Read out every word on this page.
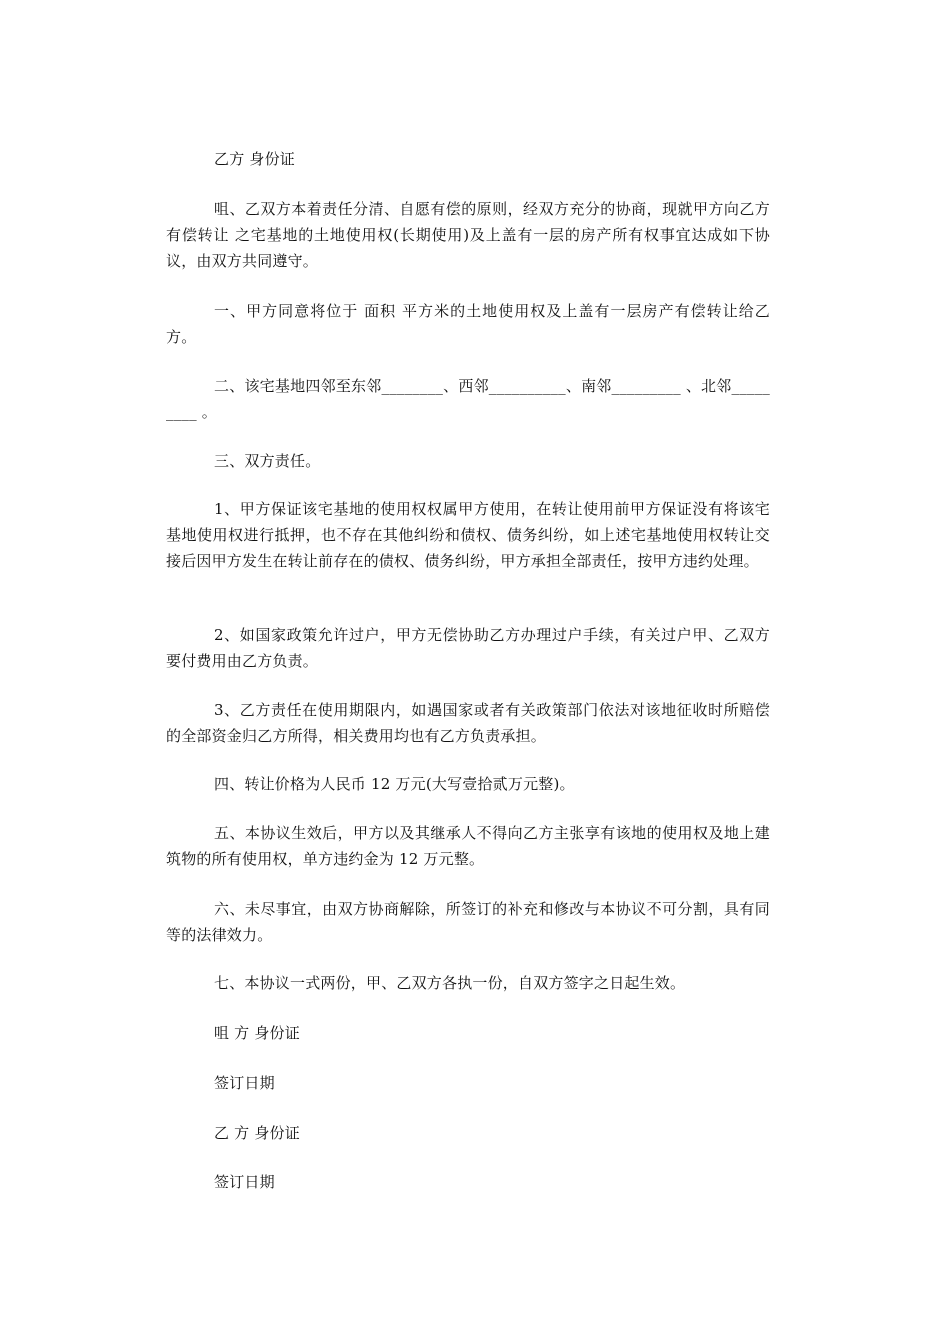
乙方 身份证

咀、乙双方本着责任分清、自愿有偿的原则，经双方充分的协商，现就甲方向乙方有偿转让 之宅基地的土地使用权(长期使用)及上盖有一层的房产所有权事宜达成如下协议，由双方共同遵守。

一、甲方同意将位于 面积 平方米的土地使用权及上盖有一层房产有偿转让给乙方。

二、该宅基地四邻至东邻________、西邻__________、南邻_________ 、北邻_________ 。

三、双方责任。

1、甲方保证该宅基地的使用权权属甲方使用，在转让使用前甲方保证没有将该宅基地使用权进行抵押，也不存在其他纠纷和债权、债务纠纷，如上述宅基地使用权转让交接后因甲方发生在转让前存在的债权、债务纠纷，甲方承担全部责任，按甲方违约处理。

2、如国家政策允许过户，甲方无偿协助乙方办理过户手续，有关过户甲、乙双方要付费用由乙方负责。

3、乙方责任在使用期限内，如遇国家或者有关政策部门依法对该地征收时所赔偿的全部资金归乙方所得，相关费用均也有乙方负责承担。

四、转让价格为人民币 12 万元(大写壹拾贰万元整)。

五、本协议生效后，甲方以及其继承人不得向乙方主张享有该地的使用权及地上建筑物的所有使用权，单方违约金为 12 万元整。

六、未尽事宜，由双方协商解除，所签订的补充和修改与本协议不可分割，具有同等的法律效力。

七、本协议一式两份，甲、乙双方各执一份，自双方签字之日起生效。

咀 方 身份证

签订日期

乙 方 身份证

签订日期
